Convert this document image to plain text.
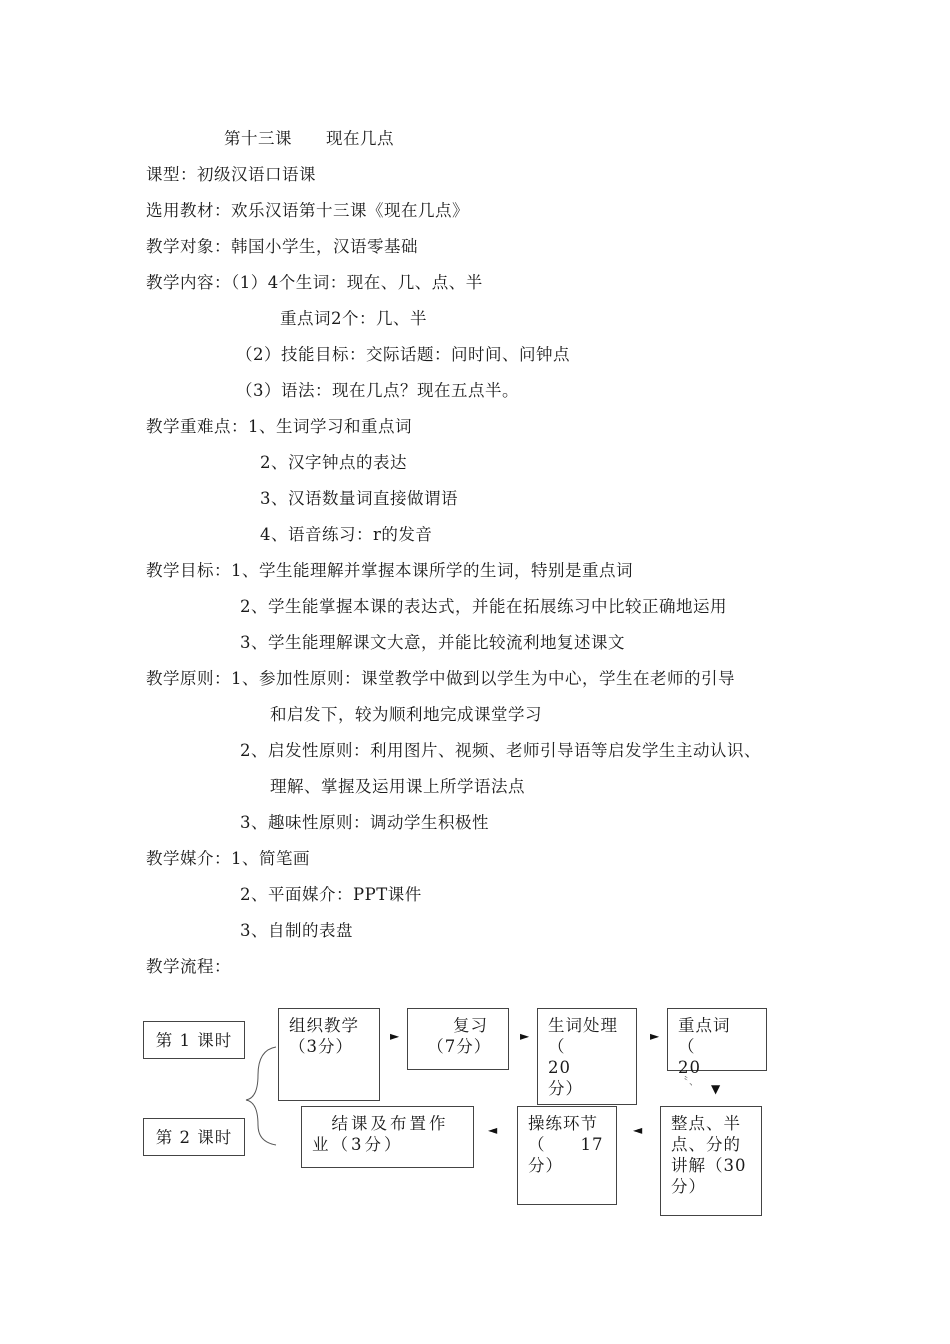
第十三课　　现在几点
课型：初级汉语口语课
选用教材：欢乐汉语第十三课《现在几点》
教学对象：韩国小学生，汉语零基础
教学内容：（1）4个生词：现在、几、点、半
重点词2个：几、半
（2）技能目标：交际话题：问时间、问钟点
（3）语法：现在几点？现在五点半。
教学重难点：1、生词学习和重点词
2、汉字钟点的表达
3、汉语数量词直接做谓语
4、语音练习：r的发音
教学目标：1、学生能理解并掌握本课所学的生词，特别是重点词
2、学生能掌握本课的表达式，并能在拓展练习中比较正确地运用
3、学生能理解课文大意，并能比较流利地复述课文
教学原则：1、参加性原则：课堂教学中做到以学生为中心，学生在老师的引导
和启发下，较为顺利地完成课堂学习
2、启发性原则：利用图片、视频、老师引导语等启发学生主动认识、
理解、掌握及运用课上所学语法点
3、趣味性原则：调动学生积极性
教学媒介：1、简笔画
2、平面媒介：PPT课件
3、自制的表盘
教学流程：
第 1 课时
第 2 课时
组织教学
（3分）
►
　　复习
　（7分）
►
生词处理
（　　 20
分）
►
重点词
（　　 20
〝、 ▼
整点、半
点、分的
讲解（30
分）
◄
操练环节
（　　17
分）
◄
　结课及布置作
业（3分）
